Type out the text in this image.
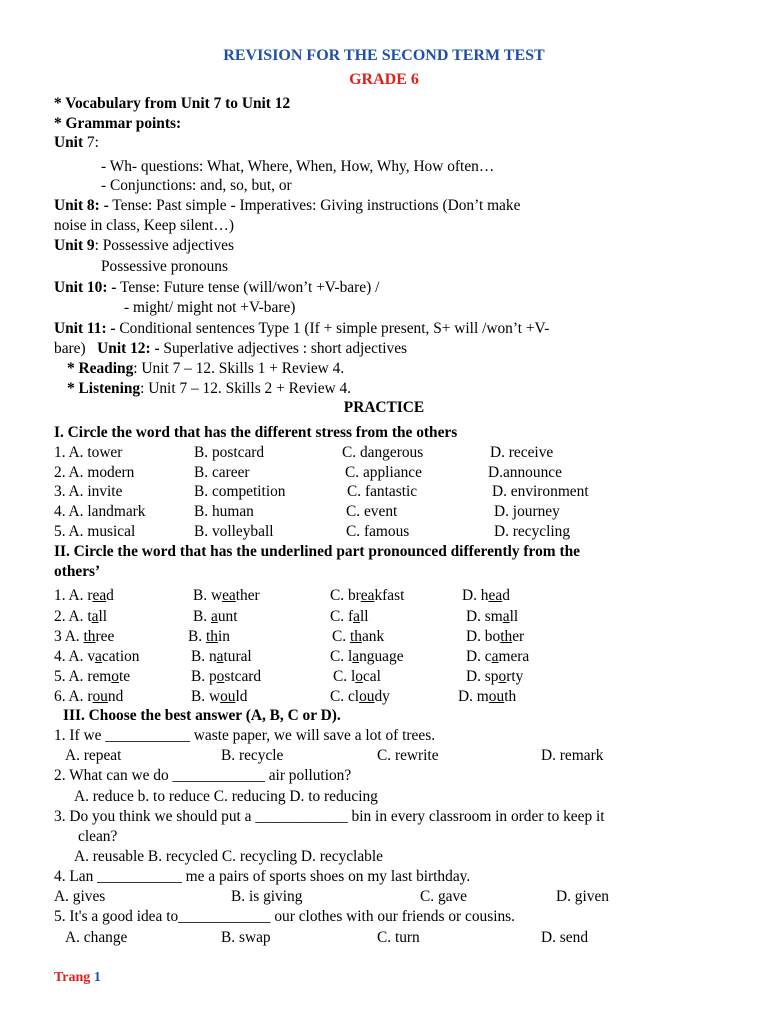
REVISION FOR THE SECOND TERM TEST
GRADE 6
* Vocabulary from Unit 7 to Unit 12
* Grammar points:
Unit 7:
- Wh- questions: What, Where, When, How, Why, How often…
- Conjunctions: and, so, but, or
Unit 8: - Tense: Past simple - Imperatives: Giving instructions (Don’t make
noise in class, Keep silent…)
Unit 9: Possessive adjectives
Possessive pronouns
Unit 10: - Tense: Future tense (will/won’t +V-bare) /
- might/ might not +V-bare)
Unit 11: - Conditional sentences Type 1 (If + simple present, S+ will /won’t +V-
bare)   Unit 12: - Superlative adjectives : short adjectives
* Reading: Unit 7 – 12. Skills 1 + Review 4.
* Listening: Unit 7 – 12. Skills 2 + Review 4.
PRACTICE
I. Circle the word that has the different stress from the others
1. A. tower	B. postcard	C. dangerous	D. receive
2. A. modern	B. career	C. appliance	D.announce
3. A. invite	B. competition	C. fantastic	D. environment
4. A. landmark	B. human	C. event	D. journey
5. A. musical	B. volleyball	C. famous	D. recycling
II. Circle the word that has the underlined part pronounced differently from the
others’
1. A. read	B. weather	C. breakfast	D. head
2. A. tall	B. aunt	C. fall	D. small
3 A. three	B. thin	C. thank	D. bother
4. A. vacation	B. natural	C. language	D. camera
5. A. remote	B. postcard	C. local	D. sporty
6. A. round	B. would	C. cloudy	D. mouth
III. Choose the best answer (A, B, C or D).
1. If we ___________ waste paper, we will save a lot of trees.
A. repeat	B. recycle	C. rewrite	D. remark
2. What can we do ____________ air pollution?
A. reduce b. to reduce C. reducing D. to reducing
3. Do you think we should put a ____________ bin in every classroom in order to keep it
clean?
A. reusable B. recycled C. recycling D. recyclable
4. Lan ___________ me a pairs of sports shoes on my last birthday.
A. gives	B. is giving	C. gave	D. given
5. It's a good idea to____________ our clothes with our friends or cousins.
A. change	B. swap	C. turn	D. send
Trang 1
